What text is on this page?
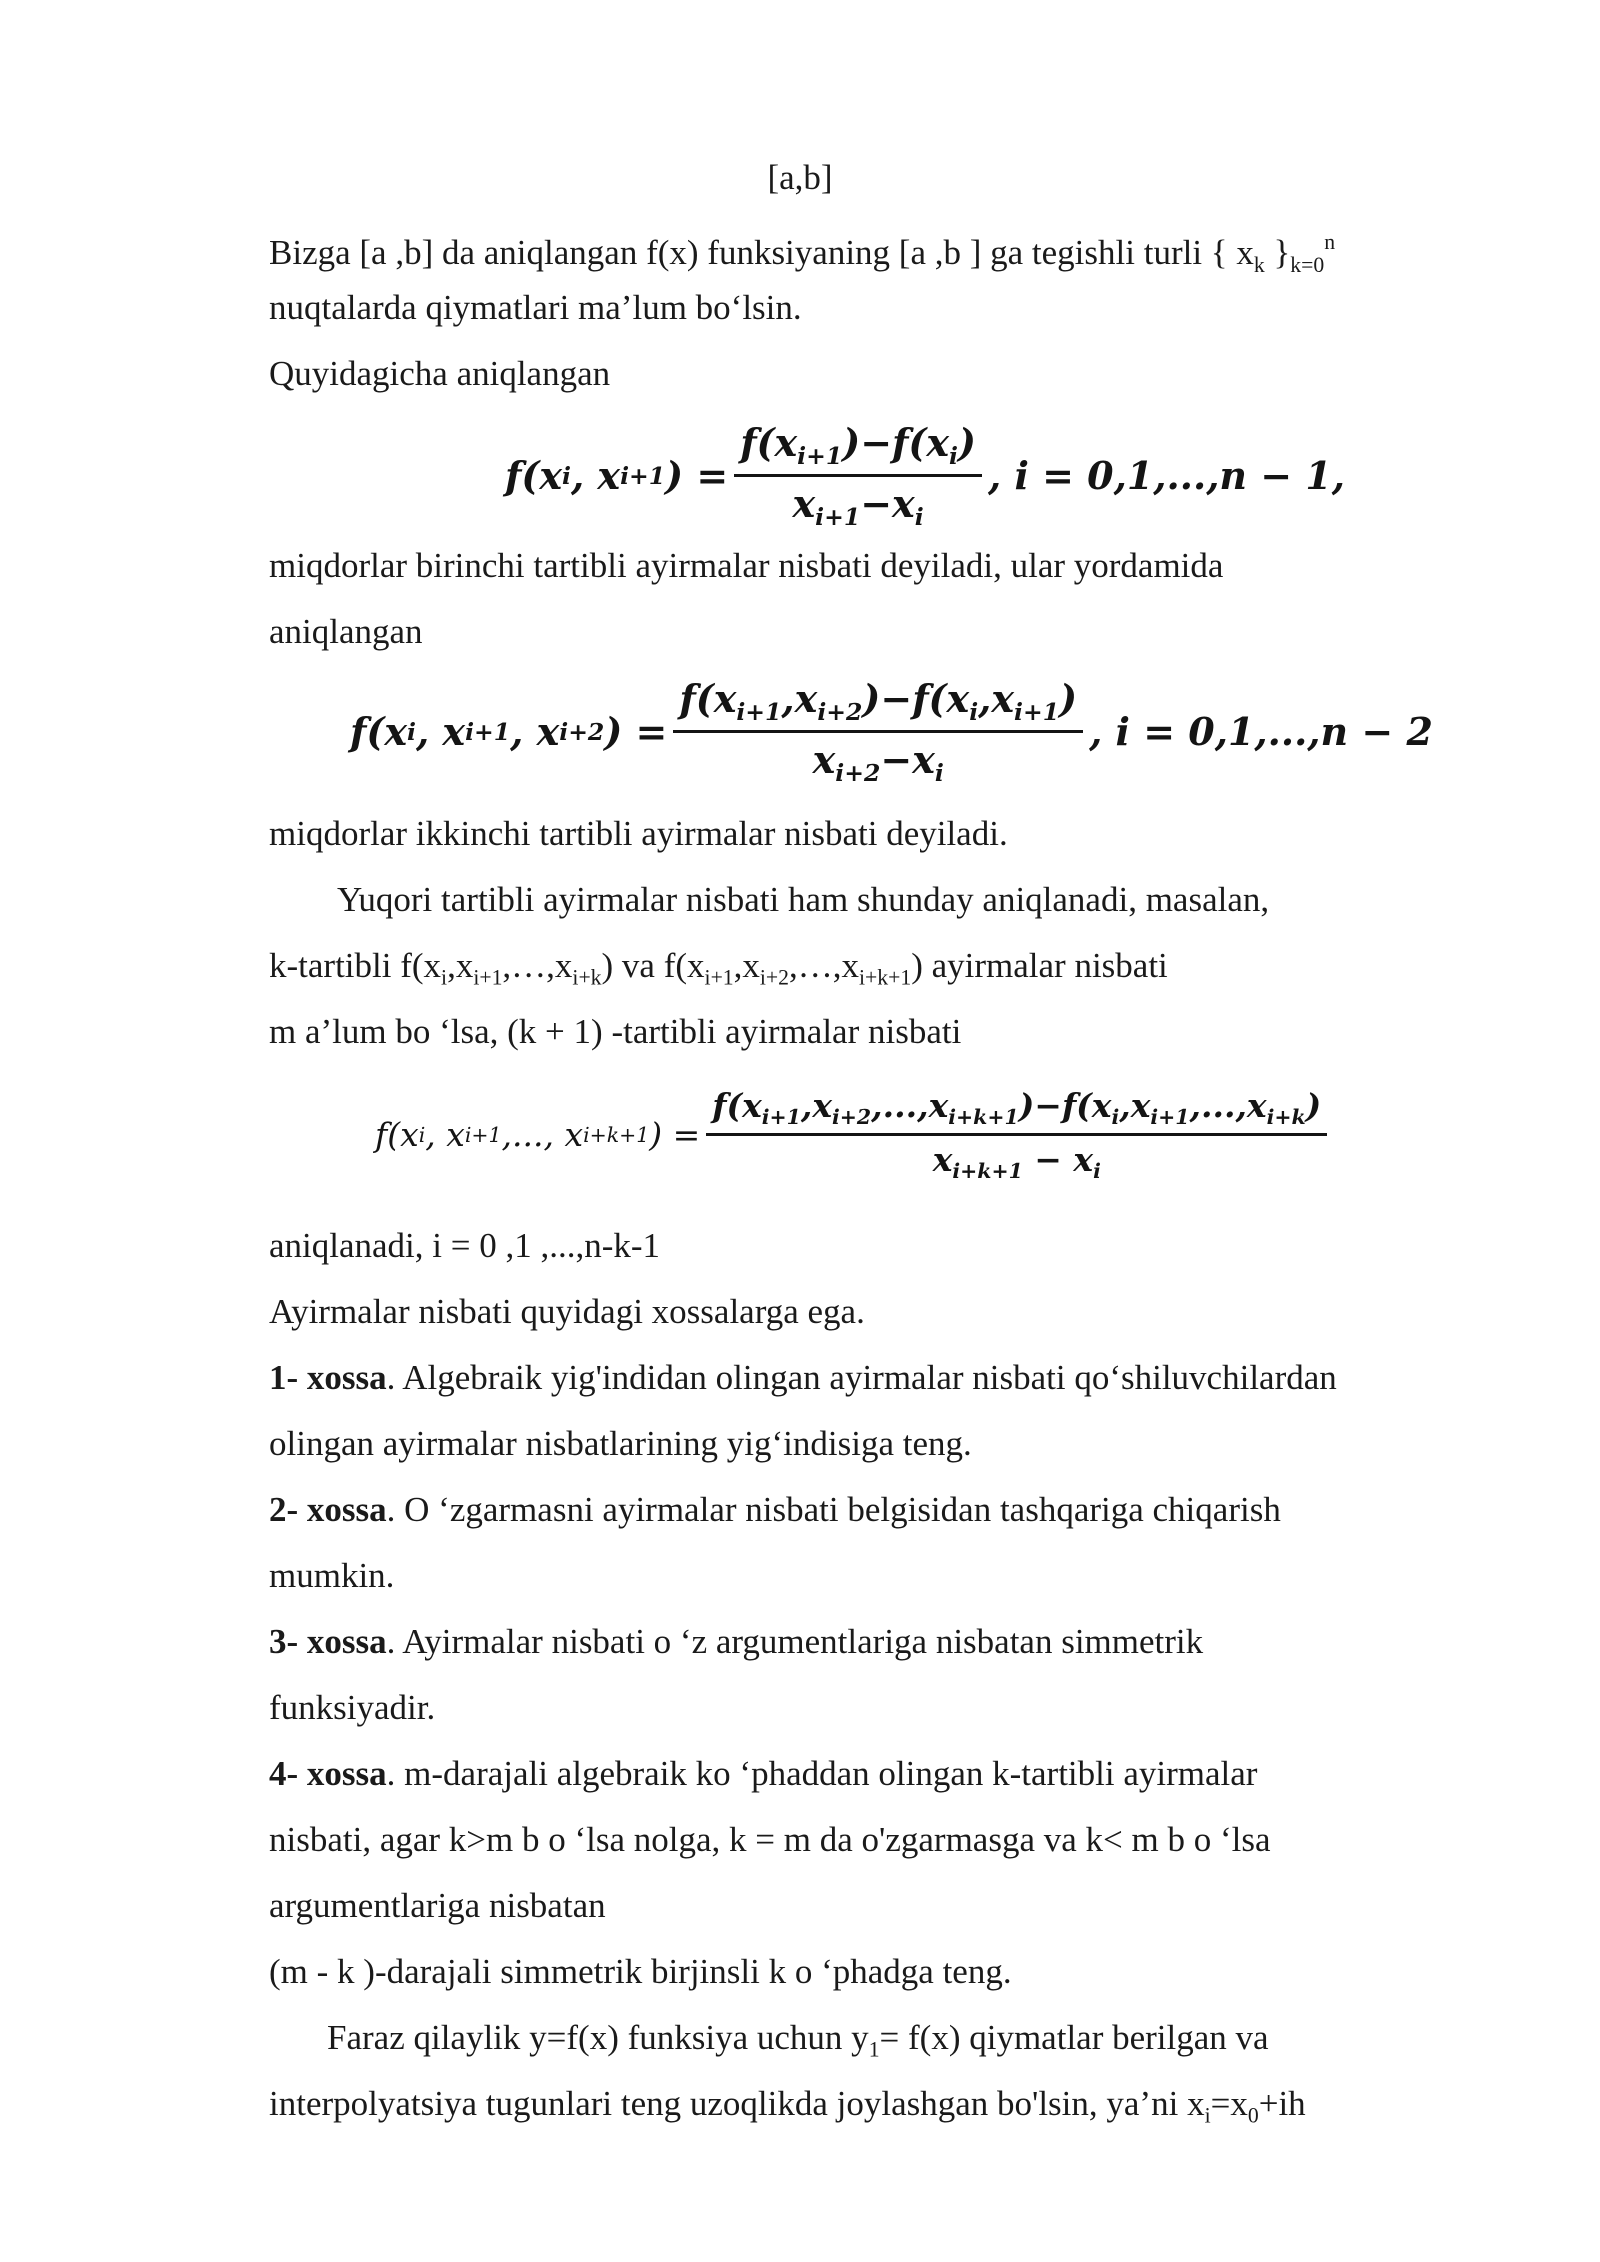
[a,b]
Bizga [a ,b] da aniqlangan f(x) funksiyaning [a ,b ] ga tegishli turli { $x_k$ }$_{k=0}^n$
nuqtalarda qiymatlari ma’lum bo‘lsin.
Quyidagicha aniqlangan
f(x i , x i+1 ) = $\frac{f(x_{i+1})-f(x_i)}{x_{i+1}-x_i}$ , i = 0,1,...,n − 1,
miqdorlar birinchi tartibli ayirmalar nisbati deyiladi, ular yordamida
aniqlangan
f(x i , x i+1 , x i+2 ) = $\frac{f(x_{i+1},x_{i+2})-f(x_i,x_{i+1})}{x_{i+2}-x_i}$ , i = 0,1,...,n − 2
miqdorlar ikkinchi tartibli ayirmalar nisbati deyiladi.
Yuqori tartibli ayirmalar nisbati ham shunday aniqlanadi, masalan,
k-tartibli $f(x_i,x_{i+1},\dots,x_{i+k})$ va $f(x_{i+1},x_{i+2},\dots,x_{i+k+1})$ ayirmalar nisbati
m a’lum bo ‘lsa, (k + 1) -tartibli ayirmalar nisbati
f(x i , x i+1 ,..., x i+k+1 ) = $\frac{f(x_{i+1},x_{i+2},...,x_{i+k+1})-f(x_i,x_{i+1},...,x_{i+k})}{x_{i+k+1} - x_i}$
aniqlanadi, i = 0 ,1 ,...,n-k-1
Ayirmalar nisbati quyidagi xossalarga ega.
1- xossa. Algebraik yig'indidan olingan ayirmalar nisbati qo‘shiluvchilardan
olingan ayirmalar nisbatlarining yig‘indisiga teng.
2- xossa. O ‘zgarmasni ayirmalar nisbati belgisidan tashqariga chiqarish
mumkin.
3- xossa. Ayirmalar nisbati o ‘z argumentlariga nisbatan simmetrik
funksiyadir.
4- xossa. m-darajali algebraik ko ‘phaddan olingan k-tartibli ayirmalar
nisbati, agar k>m b o ‘lsa nolga, k = m da o'zgarmasga va k< m b o ‘lsa
argumentlariga nisbatan
(m - k )-darajali simmetrik birjinsli k o ‘phadga teng.
Faraz qilaylik y=f(x) funksiya uchun $y_1= f(x)$ qiymatlar berilgan va
interpolyatsiya tugunlari teng uzoqlikda joylashgan bo'lsin, ya’ni $x_i=x_0+ih$
